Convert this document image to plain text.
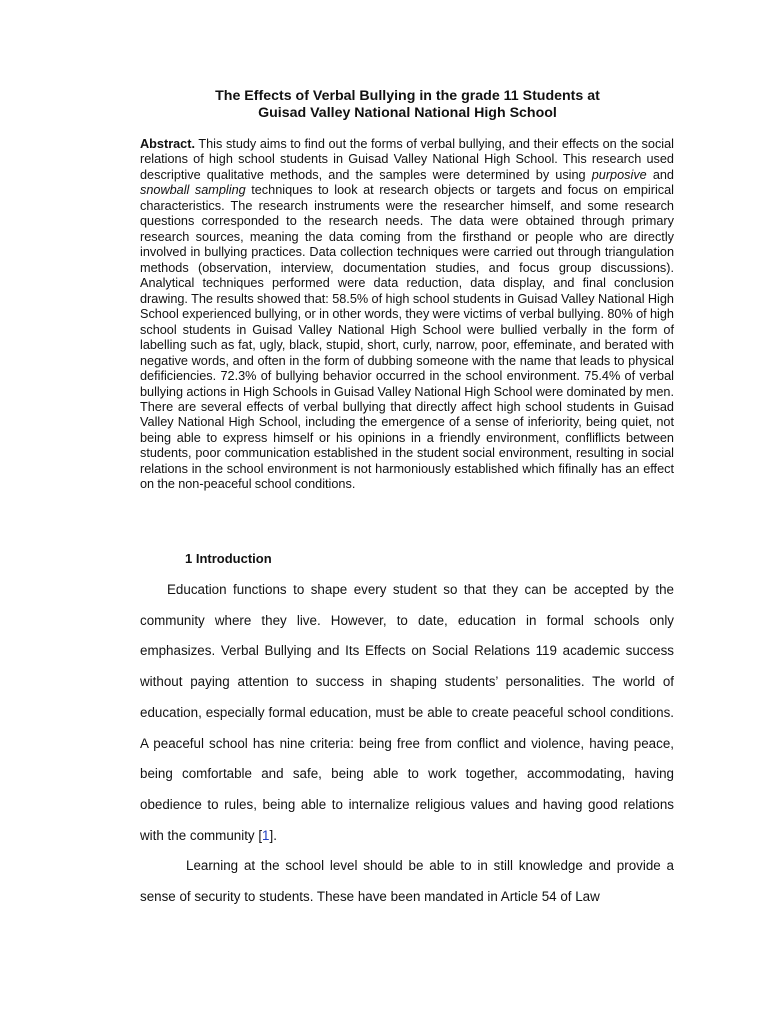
The Effects of Verbal Bullying in the grade 11 Students at
Guisad Valley National National High School

Abstract. This study aims to find out the forms of verbal bullying, and their effects on the social relations of high school students in Guisad Valley National High School. This research used descriptive qualitative methods, and the samples were determined by using purposive and snowball sampling techniques to look at research objects or targets and focus on empirical characteristics. The research instruments were the researcher himself, and some research questions corresponded to the research needs. The data were obtained through primary research sources, meaning the data coming from the firsthand or people who are directly involved in bullying practices. Data collection techniques were carried out through triangulation methods (observation, interview, documentation studies, and focus group discussions). Analytical techniques performed were data reduction, data display, and final conclusion drawing. The results showed that: 58.5% of high school students in Guisad Valley National High School experienced bullying, or in other words, they were victims of verbal bullying. 80% of high school students in Guisad Valley National High School were bullied verbally in the form of labelling such as fat, ugly, black, stupid, short, curly, narrow, poor, effeminate, and berated with negative words, and often in the form of dubbing someone with the name that leads to physical defificiencies. 72.3% of bullying behavior occurred in the school environment. 75.4% of verbal bullying actions in High Schools in Guisad Valley National High School were dominated by men. There are several effects of verbal bullying that directly affect high school students in Guisad Valley National High School, including the emergence of a sense of inferiority, being quiet, not being able to express himself or his opinions in a friendly environment, confliflicts between students, poor communication established in the student social environment, resulting in social relations in the school environment is not harmoniously established which fifinally has an effect on the non-peaceful school conditions.

1 Introduction

Education functions to shape every student so that they can be accepted by the community where they live. However, to date, education in formal schools only emphasizes. Verbal Bullying and Its Effects on Social Relations 119 academic success without paying attention to success in shaping students’ personalities. The world of education, especially formal education, must be able to create peaceful school conditions. A peaceful school has nine criteria: being free from conflict and violence, having peace, being comfortable and safe, being able to work together, accommodating, having obedience to rules, being able to internalize religious values and having good relations with the community [1].

Learning at the school level should be able to in still knowledge and provide a sense of security to students. These have been mandated in Article 54 of Law
